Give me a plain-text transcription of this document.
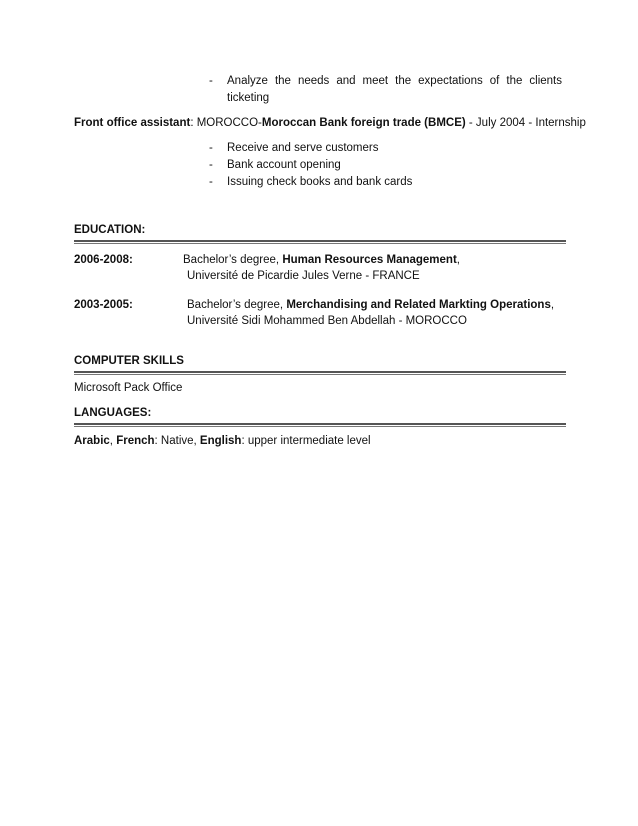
- Analyze the needs and meet the expectations of the clients
ticketing
Front office assistant: MOROCCO-Moroccan Bank foreign trade (BMCE) - July 2004 - Internship
- Receive and serve customers
- Bank account opening
- Issuing check books and bank cards
EDUCATION:
2006-2008:	Bachelor’s degree, Human Resources Management,
Université de Picardie Jules Verne - FRANCE
2003-2005:	Bachelor’s degree, Merchandising and Related Markting Operations,
Université Sidi Mohammed Ben Abdellah - MOROCCO
COMPUTER SKILLS
Microsoft Pack Office
LANGUAGES:
Arabic, French: Native, English: upper intermediate level
